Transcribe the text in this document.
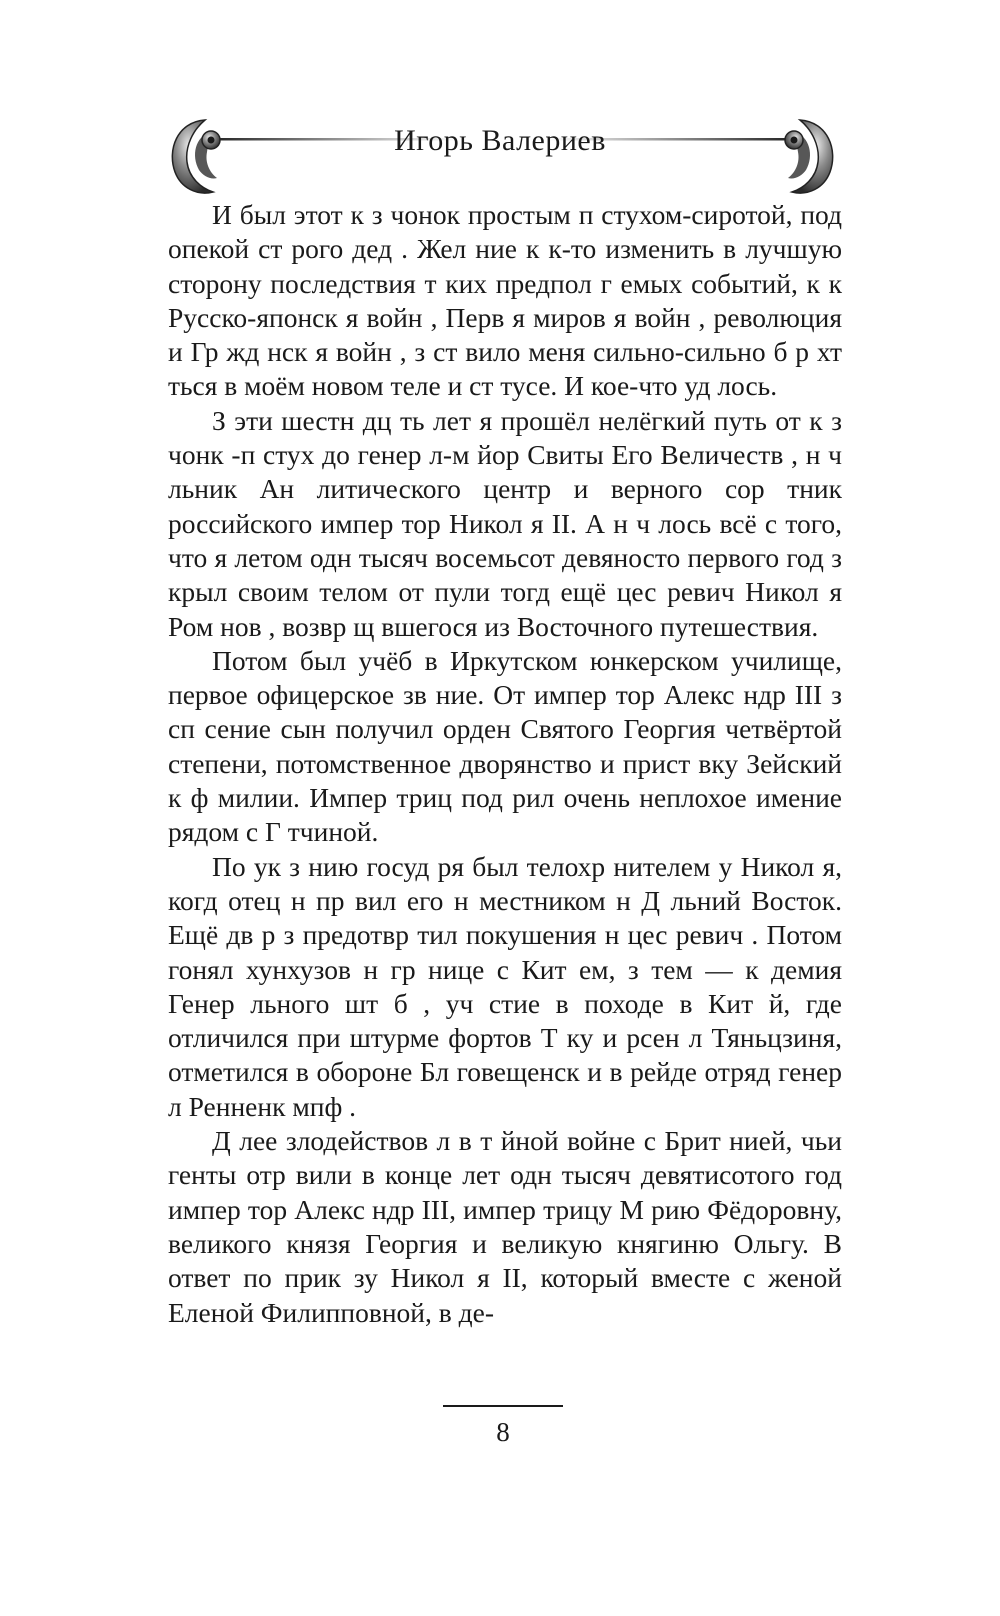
Игорь Валериев

И был этот к з чонок простым п стухом-сиротой, под опекой ст рого дед . Жел ние к к-то изменить в лучшую сторону последствия т ких предпол г емых событий, к к Русско-японск я войн , Перв я миров я войн , революция и Гр жд нск я войн , з ст вило меня сильно-сильно б р хт ться в моём новом теле и ст тусе. И кое-что уд лось.

З эти шестн дц ть лет я прошёл нелёгкий путь от к з чонк -п стух до генер л-м йор Свиты Его Величеств , н ч льник Ан литического центр и верного сор тник российского импер тор Никол я II. А н ч лось всё с того, что я летом одн тысяч восемьсот девяносто первого год з крыл своим телом от пули тогд ещё цес ревич Никол я Ром нов , возвр щ вшегося из Восточного путешествия.

Потом был учёб в Иркутском юнкерском училище, первое офицерское зв ние. От импер тор Алекс ндр III з сп сение сын получил орден Святого Георгия четвёртой степени, потомственное дворянство и прист вку Зейский к ф милии. Импер триц под рил очень неплохое имение рядом с Г тчиной.

По ук з нию госуд ря был телохр нителем у Никол я, когд отец н пр вил его н местником н Д льний Восток. Ещё дв р з предотвр тил покушения н цес ревич . Потом гонял хунхузов н гр нице с Кит ем, з тем — к демия Генер льного шт б , уч стие в походе в Кит й, где отличился при штурме фортов Т ку и рсен л Тяньцзиня, отметился в обороне Бл говещенск и в рейде отряд генер л Ренненк мпф .

Д лее злодействов л в т йной войне с Брит нией, чьи генты отр вили в конце лет одн тысяч девятисотого год импер тор Алекс ндр III, импер трицу М рию Фёдоровну, великого князя Георгия и великую княгиню Ольгу. В ответ по прик зу Никол я II, который вместе с женой Еленой Филипповной, в де-

8
